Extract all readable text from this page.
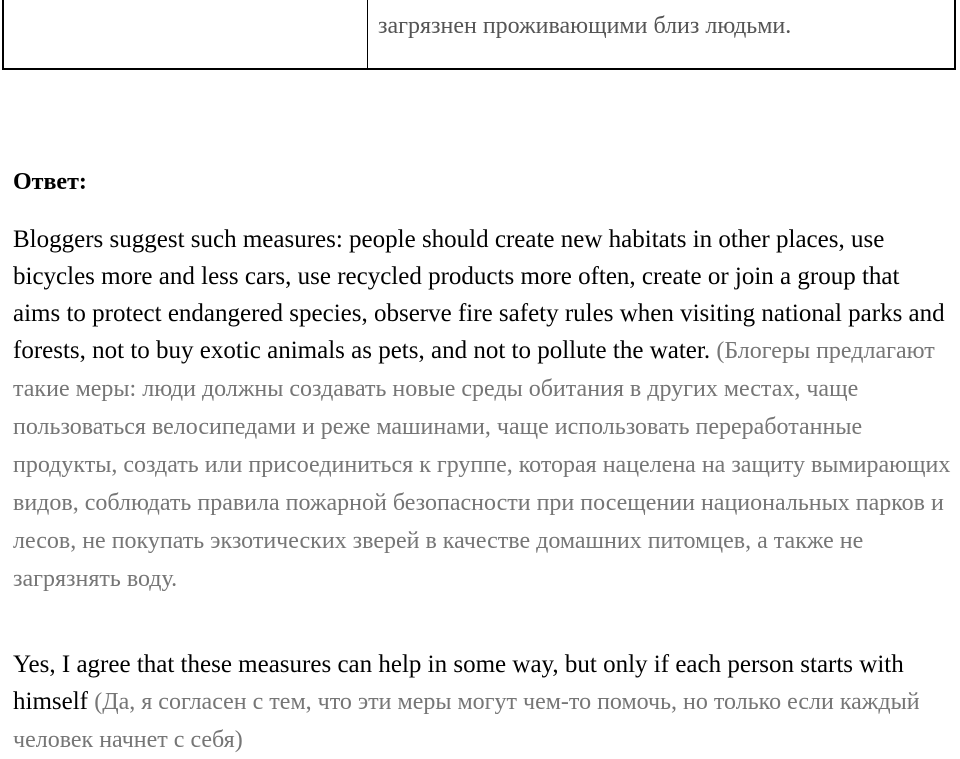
загрязнен проживающими близ людьми.
Ответ:

Bloggers suggest such measures: people should create new habitats in other places, use bicycles more and less cars, use recycled products more often, create or join a group that aims to protect endangered species, observe fire safety rules when visiting national parks and forests, not to buy exotic animals as pets, and not to pollute the water. (Блогеры предлагают такие меры: люди должны создавать новые среды обитания в других местах, чаще пользоваться велосипедами и реже машинами, чаще использовать переработанные продукты, создать или присоединиться к группе, которая нацелена на защиту вымирающих видов, соблюдать правила пожарной безопасности при посещении национальных парков и лесов, не покупать экзотических зверей в качестве домашних питомцев, а также не загрязнять воду.

Yes, I agree that these measures can help in some way, but only if each person starts with himself (Да, я согласен с тем, что эти меры могут чем-то помочь, но только если каждый человек начнет с себя)
